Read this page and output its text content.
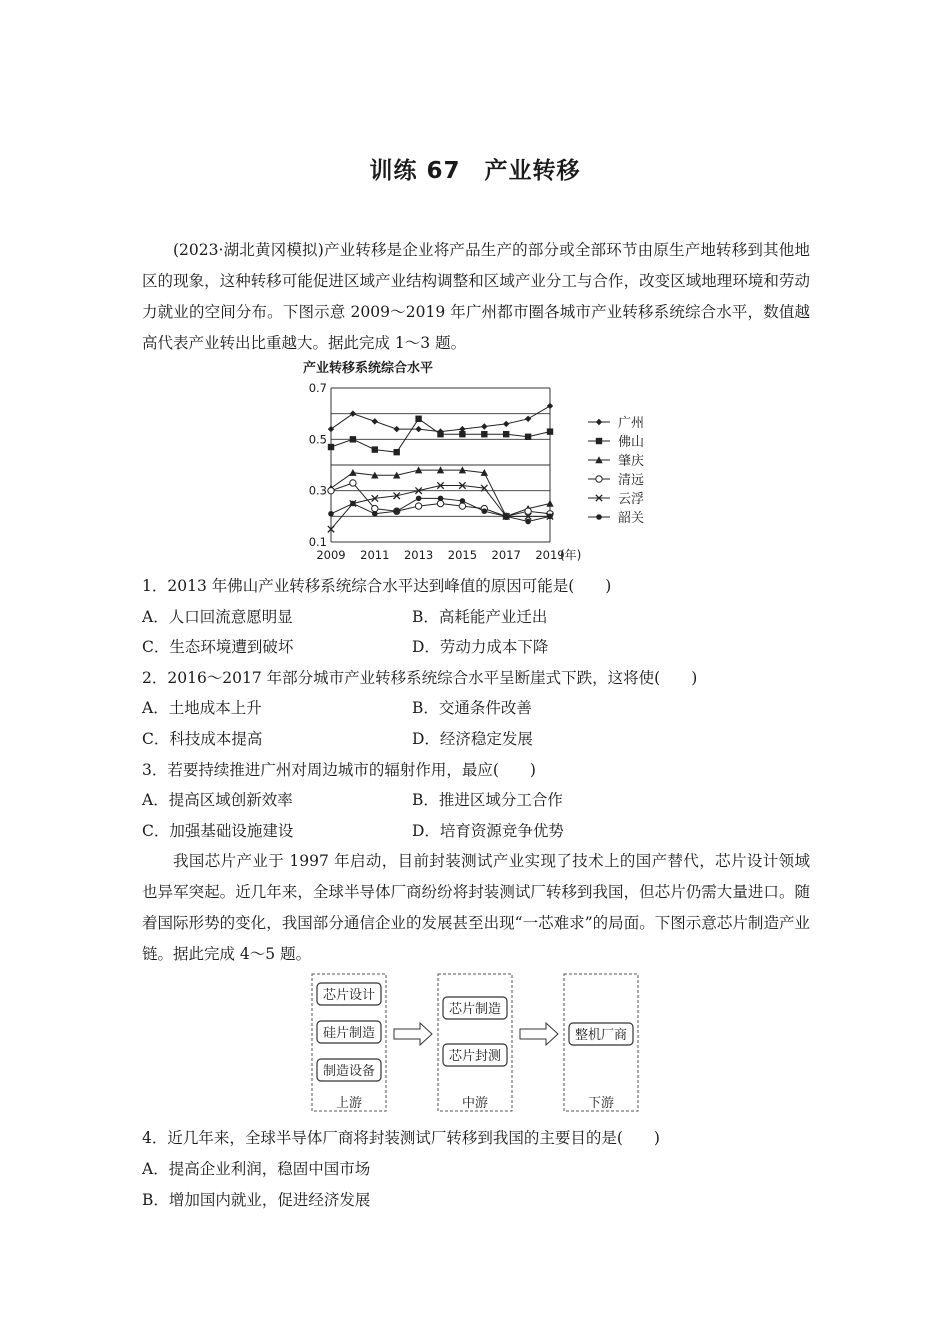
训练 67　产业转移

(2023·湖北黄冈模拟)产业转移是企业将产品生产的部分或全部环节由原生产地转移到其他地区的现象，这种转移可能促进区域产业结构调整和区域产业分工与合作，改变区域地理环境和劳动力就业的空间分布。下图示意 2009～2019 年广州都市圈各城市产业转移系统综合水平，数值越高代表产业转出比重越大。据此完成 1～3 题。

产业转移系统综合水平
0.1
0.3
0.5
0.7
2009 2011 2013 2015 2017 2019
(年)
广州
佛山
肇庆
清远
云浮
韶关
1．2013 年佛山产业转移系统综合水平达到峰值的原因可能是(　　)
A．人口回流意愿明显	B．高耗能产业迁出
C．生态环境遭到破坏	D．劳动力成本下降
2．2016～2017 年部分城市产业转移系统综合水平呈断崖式下跌，这将使(　　)
A．土地成本上升	B．交通条件改善
C．科技成本提高	D．经济稳定发展
3．若要持续推进广州对周边城市的辐射作用，最应(　　)
A．提高区域创新效率	B．推进区域分工合作
C．加强基础设施建设	D．培育资源竞争优势

我国芯片产业于 1997 年启动，目前封装测试产业实现了技术上的国产替代，芯片设计领域也异军突起。近几年来，全球半导体厂商纷纷将封装测试厂转移到我国，但芯片仍需大量进口。随着国际形势的变化，我国部分通信企业的发展甚至出现“一芯难求”的局面。下图示意芯片制造产业链。据此完成 4～5 题。

芯片设计
硅片制造
制造设备
上游
芯片制造
芯片封测
中游
整机厂商
下游
4．近几年来，全球半导体厂商将封装测试厂转移到我国的主要目的是(　　)
A．提高企业利润，稳固中国市场
B．增加国内就业，促进经济发展
